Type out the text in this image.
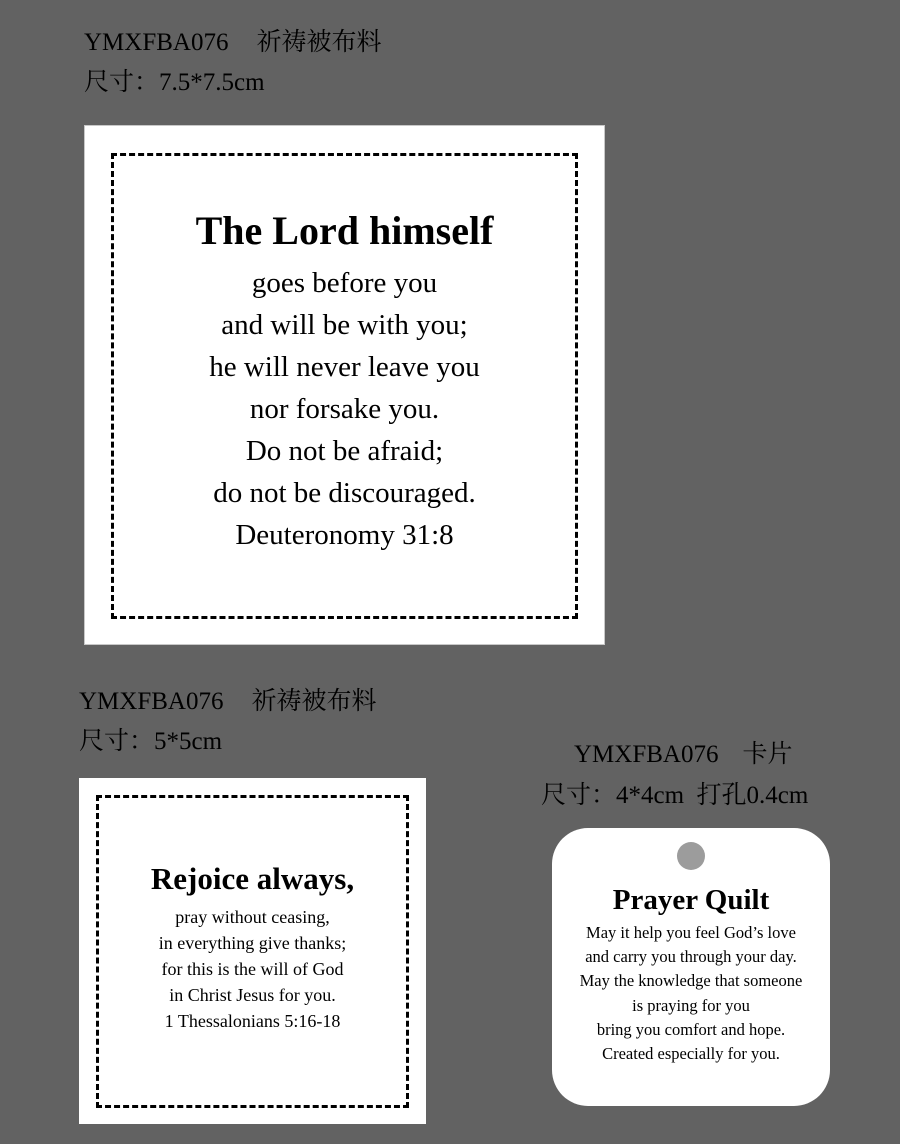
YMXFBA076 祈祷被布料
尺寸：7.5*7.5cm
The Lord himself
goes before you
and will be with you;
he will never leave you
nor forsake you.
Do not be afraid;
do not be discouraged.
Deuteronomy 31:8
YMXFBA076 祈祷被布料
尺寸：5*5cm
Rejoice always,
pray without ceasing,
in everything give thanks;
for this is the will of God
in Christ Jesus for you.
1 Thessalonians 5:16-18
YMXFBA076 卡片
尺寸：4*4cm  打孔0.4cm
Prayer Quilt
May it help you feel God’s love
and carry you through your day.
May the knowledge that someone
is praying for you
bring you comfort and hope.
Created especially for you.
